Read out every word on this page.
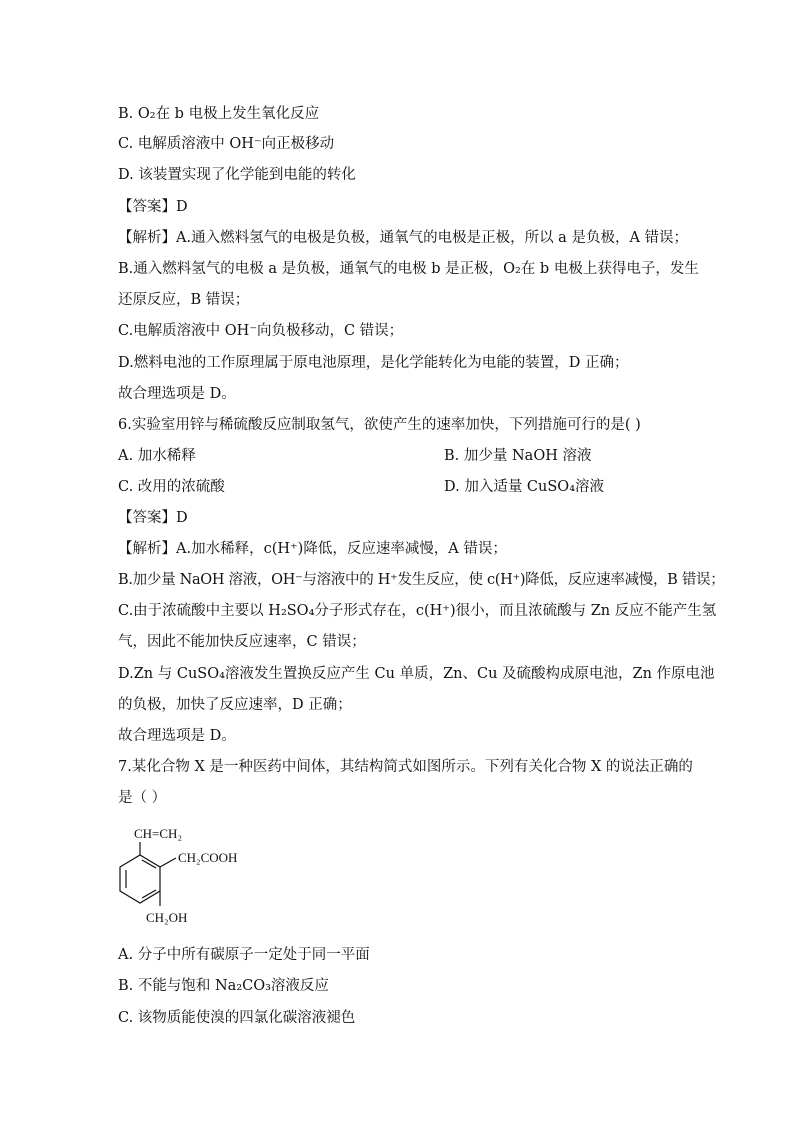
B. O₂在 b 电极上发生氧化反应
C. 电解质溶液中 OH⁻向正极移动
D. 该装置实现了化学能到电能的转化
【答案】D
【解析】A.通入燃料氢气的电极是负极，通氧气的电极是正极，所以 a 是负极，A 错误；
B.通入燃料氢气的电极 a 是负极，通氧气的电极 b 是正极，O₂在 b 电极上获得电子，发生
还原反应，B 错误；
C.电解质溶液中 OH⁻向负极移动，C 错误；
D.燃料电池的工作原理属于原电池原理，是化学能转化为电能的装置，D 正确；
故合理选项是 D。
6.实验室用锌与稀硫酸反应制取氢气，欲使产生的速率加快，下列措施可行的是( )
A. 加水稀释	B. 加少量 NaOH 溶液
C. 改用的浓硫酸	D. 加入适量 CuSO₄溶液
【答案】D
【解析】A.加水稀释，c(H⁺)降低，反应速率减慢，A 错误；
B.加少量 NaOH 溶液，OH⁻与溶液中的 H⁺发生反应，使 c(H⁺)降低，反应速率减慢，B 错误；
C.由于浓硫酸中主要以 H₂SO₄分子形式存在，c(H⁺)很小，而且浓硫酸与 Zn 反应不能产生氢
气，因此不能加快反应速率，C 错误；
D.Zn 与 CuSO₄溶液发生置换反应产生 Cu 单质，Zn、Cu 及硫酸构成原电池，Zn 作原电池
的负极，加快了反应速率，D 正确；
故合理选项是 D。
7.某化合物 X 是一种医药中间体，其结构简式如图所示。下列有关化合物 X 的说法正确的
是（ ）
CH=CH₂
CH₂COOH
CH₂OH
A. 分子中所有碳原子一定处于同一平面
B. 不能与饱和 Na₂CO₃溶液反应
C. 该物质能使溴的四氯化碳溶液褪色
